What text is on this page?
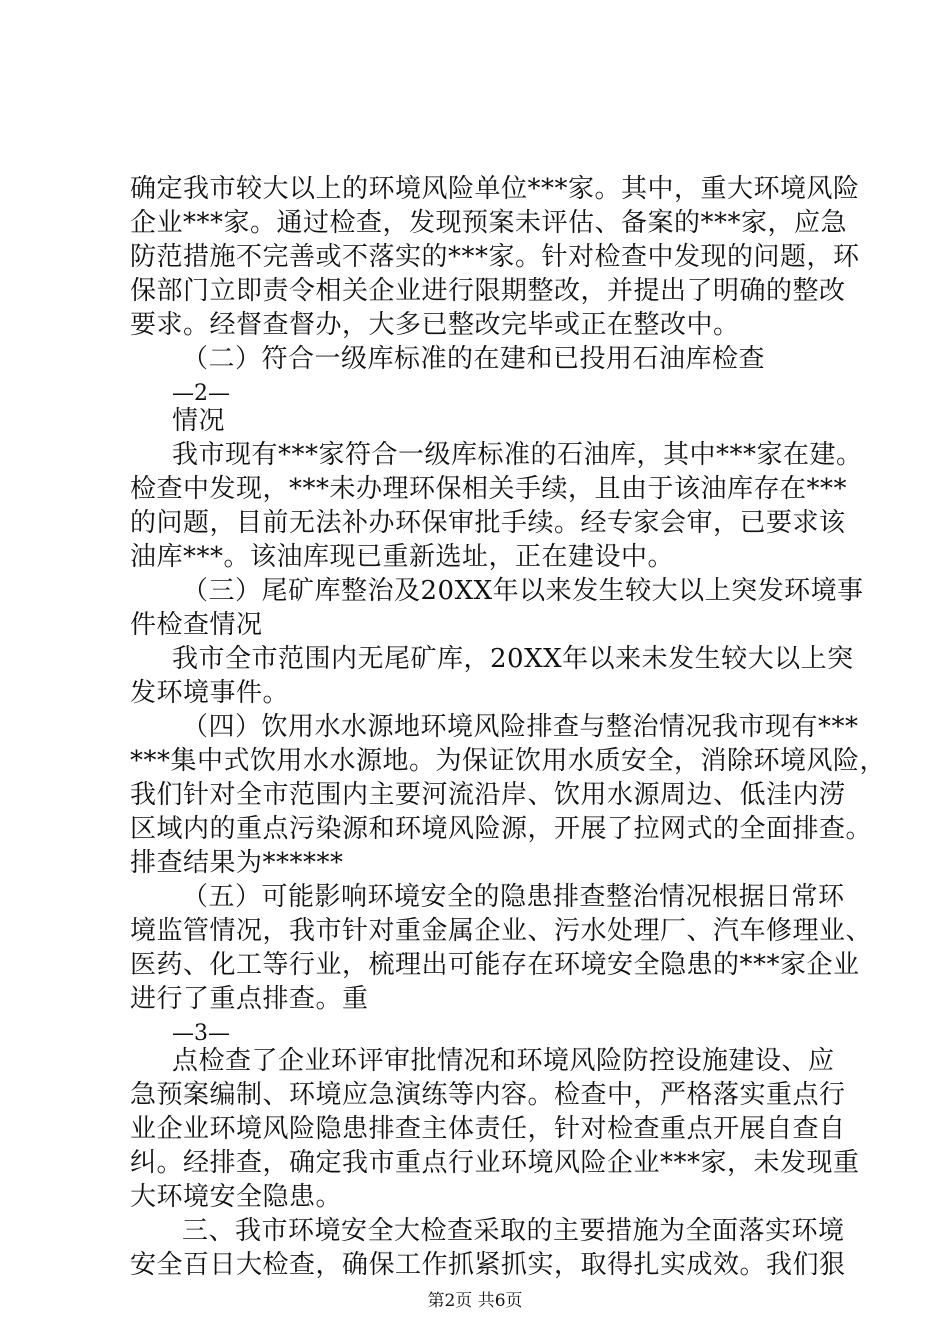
确定我市较大以上的环境风险单位***家。其中，重大环境风险
企业***家。通过检查，发现预案未评估、备案的***家，应急
防范措施不完善或不落实的***家。针对检查中发现的问题，环
保部门立即责令相关企业进行限期整改，并提出了明确的整改
要求。经督查督办，大多已整改完毕或正在整改中。
（二）符合一级库标准的在建和已投用石油库检查
—2—
情况
我市现有***家符合一级库标准的石油库，其中***家在建。
检查中发现，***未办理环保相关手续，且由于该油库存在***
的问题，目前无法补办环保审批手续。经专家会审，已要求该
油库***。该油库现已重新选址，正在建设中。
（三）尾矿库整治及20XX年以来发生较大以上突发环境事
件检查情况
我市全市范围内无尾矿库，20XX年以来未发生较大以上突
发环境事件。
（四）饮用水水源地环境风险排查与整治情况我市现有***
***集中式饮用水水源地。为保证饮用水质安全，消除环境风险，
我们针对全市范围内主要河流沿岸、饮用水源周边、低洼内涝
区域内的重点污染源和环境风险源，开展了拉网式的全面排查。
排查结果为******
（五）可能影响环境安全的隐患排查整治情况根据日常环
境监管情况，我市针对重金属企业、污水处理厂、汽车修理业、
医药、化工等行业，梳理出可能存在环境安全隐患的***家企业
进行了重点排查。重
—3—
点检查了企业环评审批情况和环境风险防控设施建设、应
急预案编制、环境应急演练等内容。检查中，严格落实重点行
业企业环境风险隐患排查主体责任，针对检查重点开展自查自
纠。经排查，确定我市重点行业环境风险企业***家，未发现重
大环境安全隐患。
三、我市环境安全大检查采取的主要措施为全面落实环境
安全百日大检查，确保工作抓紧抓实，取得扎实成效。我们狠
第2页 共6页
